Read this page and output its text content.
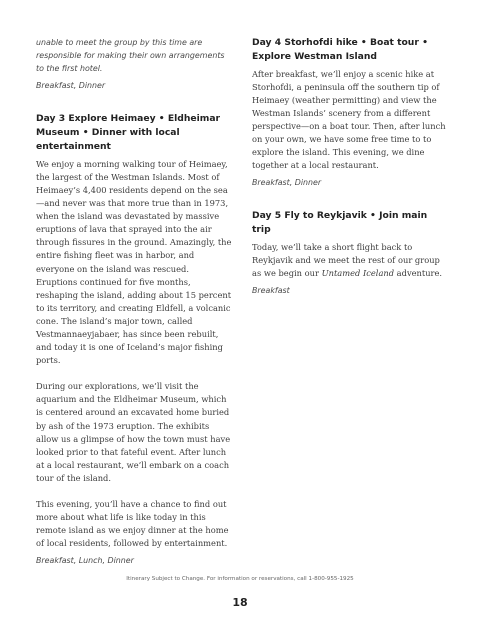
unable to meet the group by this time are responsible for making their own arrangements to the first hotel.

Breakfast, Dinner

Day 3 Explore Heimaey • Eldheimar Museum • Dinner with local entertainment

We enjoy a morning walking tour of Heimaey, the largest of the Westman Islands. Most of Heimaey’s 4,400 residents depend on the sea—and never was that more true than in 1973, when the island was devastated by massive eruptions of lava that sprayed into the air through fissures in the ground. Amazingly, the entire fishing fleet was in harbor, and everyone on the island was rescued. Eruptions continued for five months, reshaping the island, adding about 15 percent to its territory, and creating Eldfell, a volcanic cone. The island’s major town, called Vestmannaeyjabaer, has since been rebuilt, and today it is one of Iceland’s major fishing ports.

During our explorations, we’ll visit the aquarium and the Eldheimar Museum, which is centered around an excavated home buried by ash of the 1973 eruption. The exhibits allow us a glimpse of how the town must have looked prior to that fateful event. After lunch at a local restaurant, we’ll embark on a coach tour of the island.

This evening, you’ll have a chance to find out more about what life is like today in this remote island as we enjoy dinner at the home of local residents, followed by entertainment.

Breakfast, Lunch, Dinner

Day 4 Storhofdi hike • Boat tour • Explore Westman Island

After breakfast, we’ll enjoy a scenic hike at Storhofdi, a peninsula off the southern tip of Heimaey (weather permitting) and view the Westman Islands’ scenery from a different perspective—on a boat tour. Then, after lunch on your own, we have some free time to to explore the island. This evening, we dine together at a local restaurant.

Breakfast, Dinner

Day 5 Fly to Reykjavik • Join main trip

Today, we’ll take a short flight back to Reykjavik and we meet the rest of our group as we begin our Untamed Iceland adventure.

Breakfast

Itinerary Subject to Change. For information or reservations, call 1-800-955-1925
18
